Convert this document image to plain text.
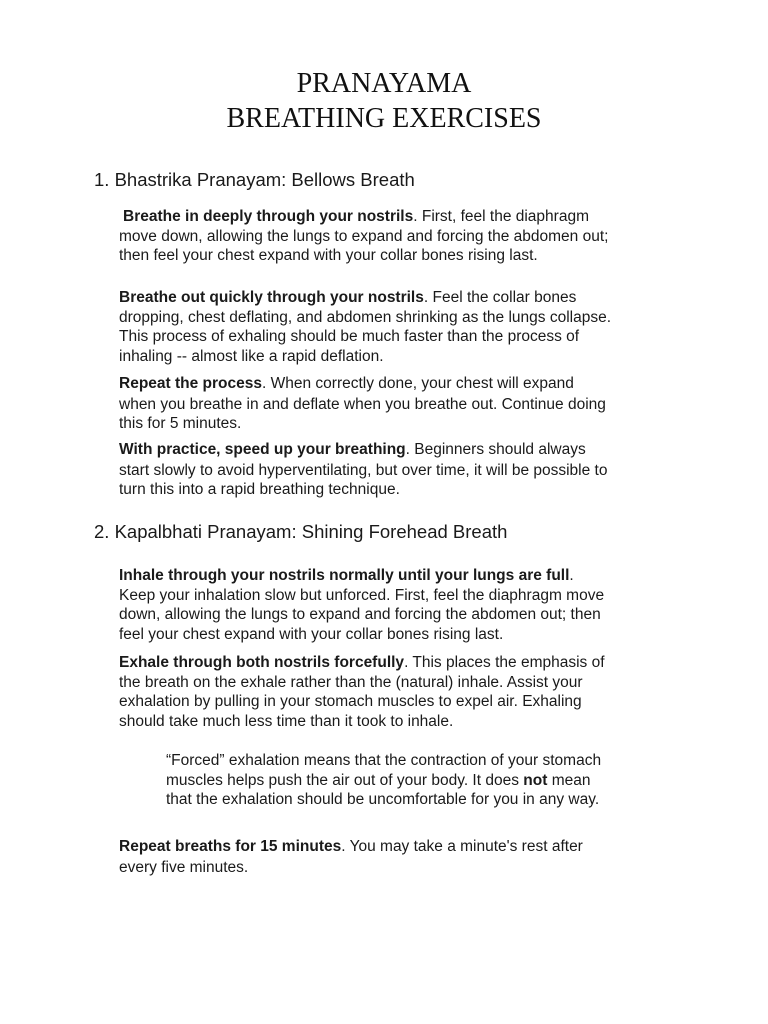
PRANAYAMA
BREATHING EXERCISES
1. Bhastrika Pranayam: Bellows Breath
Breathe in deeply through your nostrils. First, feel the diaphragm
move down, allowing the lungs to expand and forcing the abdomen out;
then feel your chest expand with your collar bones rising last.
Breathe out quickly through your nostrils. Feel the collar bones
dropping, chest deflating, and abdomen shrinking as the lungs collapse.
This process of exhaling should be much faster than the process of
inhaling -- almost like a rapid deflation.
Repeat the process. When correctly done, your chest will expand
when you breathe in and deflate when you breathe out. Continue doing
this for 5 minutes.
With practice, speed up your breathing. Beginners should always
start slowly to avoid hyperventilating, but over time, it will be possible to
turn this into a rapid breathing technique.
2. Kapalbhati Pranayam: Shining Forehead Breath
Inhale through your nostrils normally until your lungs are full.
Keep your inhalation slow but unforced. First, feel the diaphragm move
down, allowing the lungs to expand and forcing the abdomen out; then
feel your chest expand with your collar bones rising last.
Exhale through both nostrils forcefully. This places the emphasis of
the breath on the exhale rather than the (natural) inhale. Assist your
exhalation by pulling in your stomach muscles to expel air. Exhaling
should take much less time than it took to inhale.
“Forced” exhalation means that the contraction of your stomach
muscles helps push the air out of your body. It does not mean
that the exhalation should be uncomfortable for you in any way.
Repeat breaths for 15 minutes. You may take a minute's rest after
every five minutes.
